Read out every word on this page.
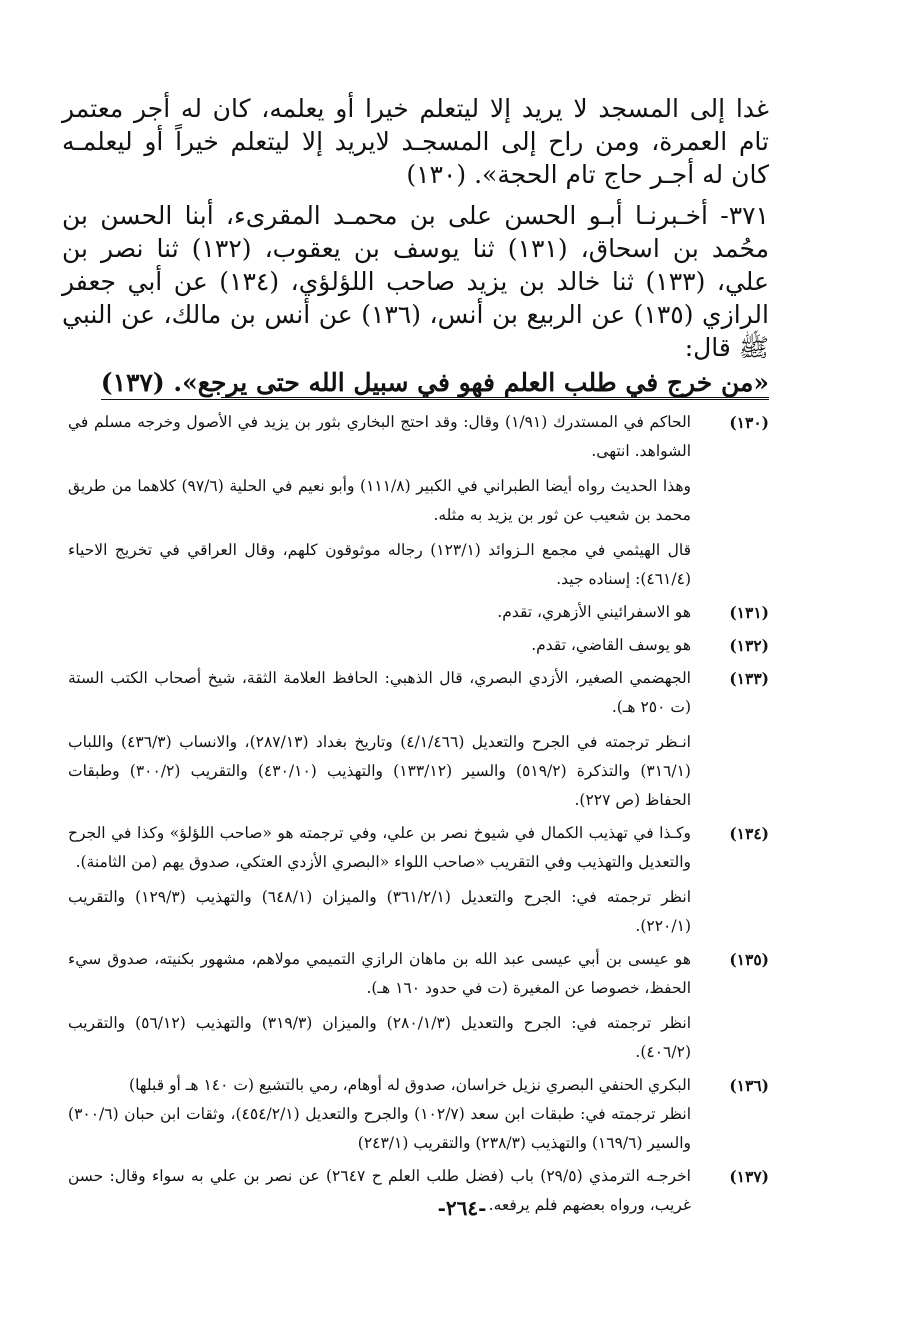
غدا إلى المسجد لا يريد إلا ليتعلم خيرا أو يعلمه، كان له أجر معتمر تام العمرة، ومن راح إلى المسجـد لايريد إلا ليتعلم خيراً أو ليعلمـه كان له أجـر حاج تام الحجة». (١٣٠)

٣٧١- أخـبرنـا أبـو الحسن على بن محمـد المقرىء، أبنا الحسن بن محُمد بن اسحاق، (١٣١) ثنا يوسف بن يعقوب، (١٣٢) ثنا نصر بن علي، (١٣٣) ثنا خالد بن يزيد صاحب اللؤلؤي، (١٣٤) عن أبي جعفر الرازي (١٣٥) عن الربيع بن أنس، (١٣٦) عن أنس بن مالك، عن النبي ﷺ قال:

«من خرج في طلب العلم فهو في سبيل الله حتى يرجع». (١٣٧)

(١٣٠)

الحاكم في المستدرك (١/٩١) وقال: وقد احتج البخاري بثور بن يزيد في الأصول وخرجه مسلم في الشواهد. انتهى.

وهذا الحديث رواه أيضا الطبراني في الكبير (١١١/٨) وأبو نعيم في الحلية (٩٧/٦) كلاهما من طريق محمد بن شعيب عن ثور بن يزيد به مثله.

قال الهيثمي في مجمع الـزوائد (١٢٣/١) رجاله موثوقون كلهم، وقال العراقي في تخريج الاحياء (٤٦١/٤): إسناده جيد.

(١٣١)

هو الاسفرائيني الأزهري، تقدم.

(١٣٢)

هو يوسف القاضي، تقدم.

(١٣٣)

الجهضمي الصغير، الأزدي البصري، قال الذهبي: الحافظ العلامة الثقة، شيخ أصحاب الكتب الستة (ت ٢٥٠ هـ).

انـظر ترجمته في الجرح والتعديل (٤/١/٤٦٦) وتاريخ بغداد (٢٨٧/١٣)، والانساب (٤٣٦/٣) واللباب (٣١٦/١) والتذكرة (٥١٩/٢) والسير (١٣٣/١٢) والتهذيب (٤٣٠/١٠) والتقريب (٣٠٠/٢) وطبقات الحفاظ (ص ٢٢٧).

(١٣٤)

وكـذا في تهذيب الكمال في شيوخ نصر بن علي، وفي ترجمته هو «صاحب اللؤلؤ» وكذا في الجرح والتعديل والتهذيب وفي التقريب «صاحب اللواء «البصري الأزدي العتكي، صدوق يهم (من الثامنة).

انظر ترجمته في: الجرح والتعديل (٣٦١/٢/١) والميزان (٦٤٨/١) والتهذيب (١٢٩/٣) والتقريب (٢٢٠/١).

(١٣٥)

هو عيسى بن أبي عيسى عبد الله بن ماهان الرازي التميمي مولاهم، مشهور بكنيته، صدوق سيء الحفظ، خصوصا عن المغيرة (ت في حدود ١٦٠ هـ).

انظر ترجمته في: الجرح والتعديل (٢٨٠/١/٣) والميزان (٣١٩/٣) والتهذيب (٥٦/١٢) والتقريب (٤٠٦/٢).

(١٣٦)

البكري الحنفي البصري نزيل خراسان، صدوق له أوهام، رمي بالتشيع (ت ١٤٠ هـ أو قبلها)

انظر ترجمته في: طبقات ابن سعد (١٠٢/٧) والجرح والتعديل (٤٥٤/٢/١)، وثقات ابن حبان (٣٠٠/٦) والسير (١٦٩/٦) والتهذيب (٢٣٨/٣) والتقريب (٢٤٣/١)

(١٣٧)

اخرجـه الترمذي (٢٩/٥) باب (فضل طلب العلم ح ٢٦٤٧) عن نصر بن علي به سواء وقال: حسن غريب، ورواه بعضهم فلم يرفعه.

-٢٦٤-
